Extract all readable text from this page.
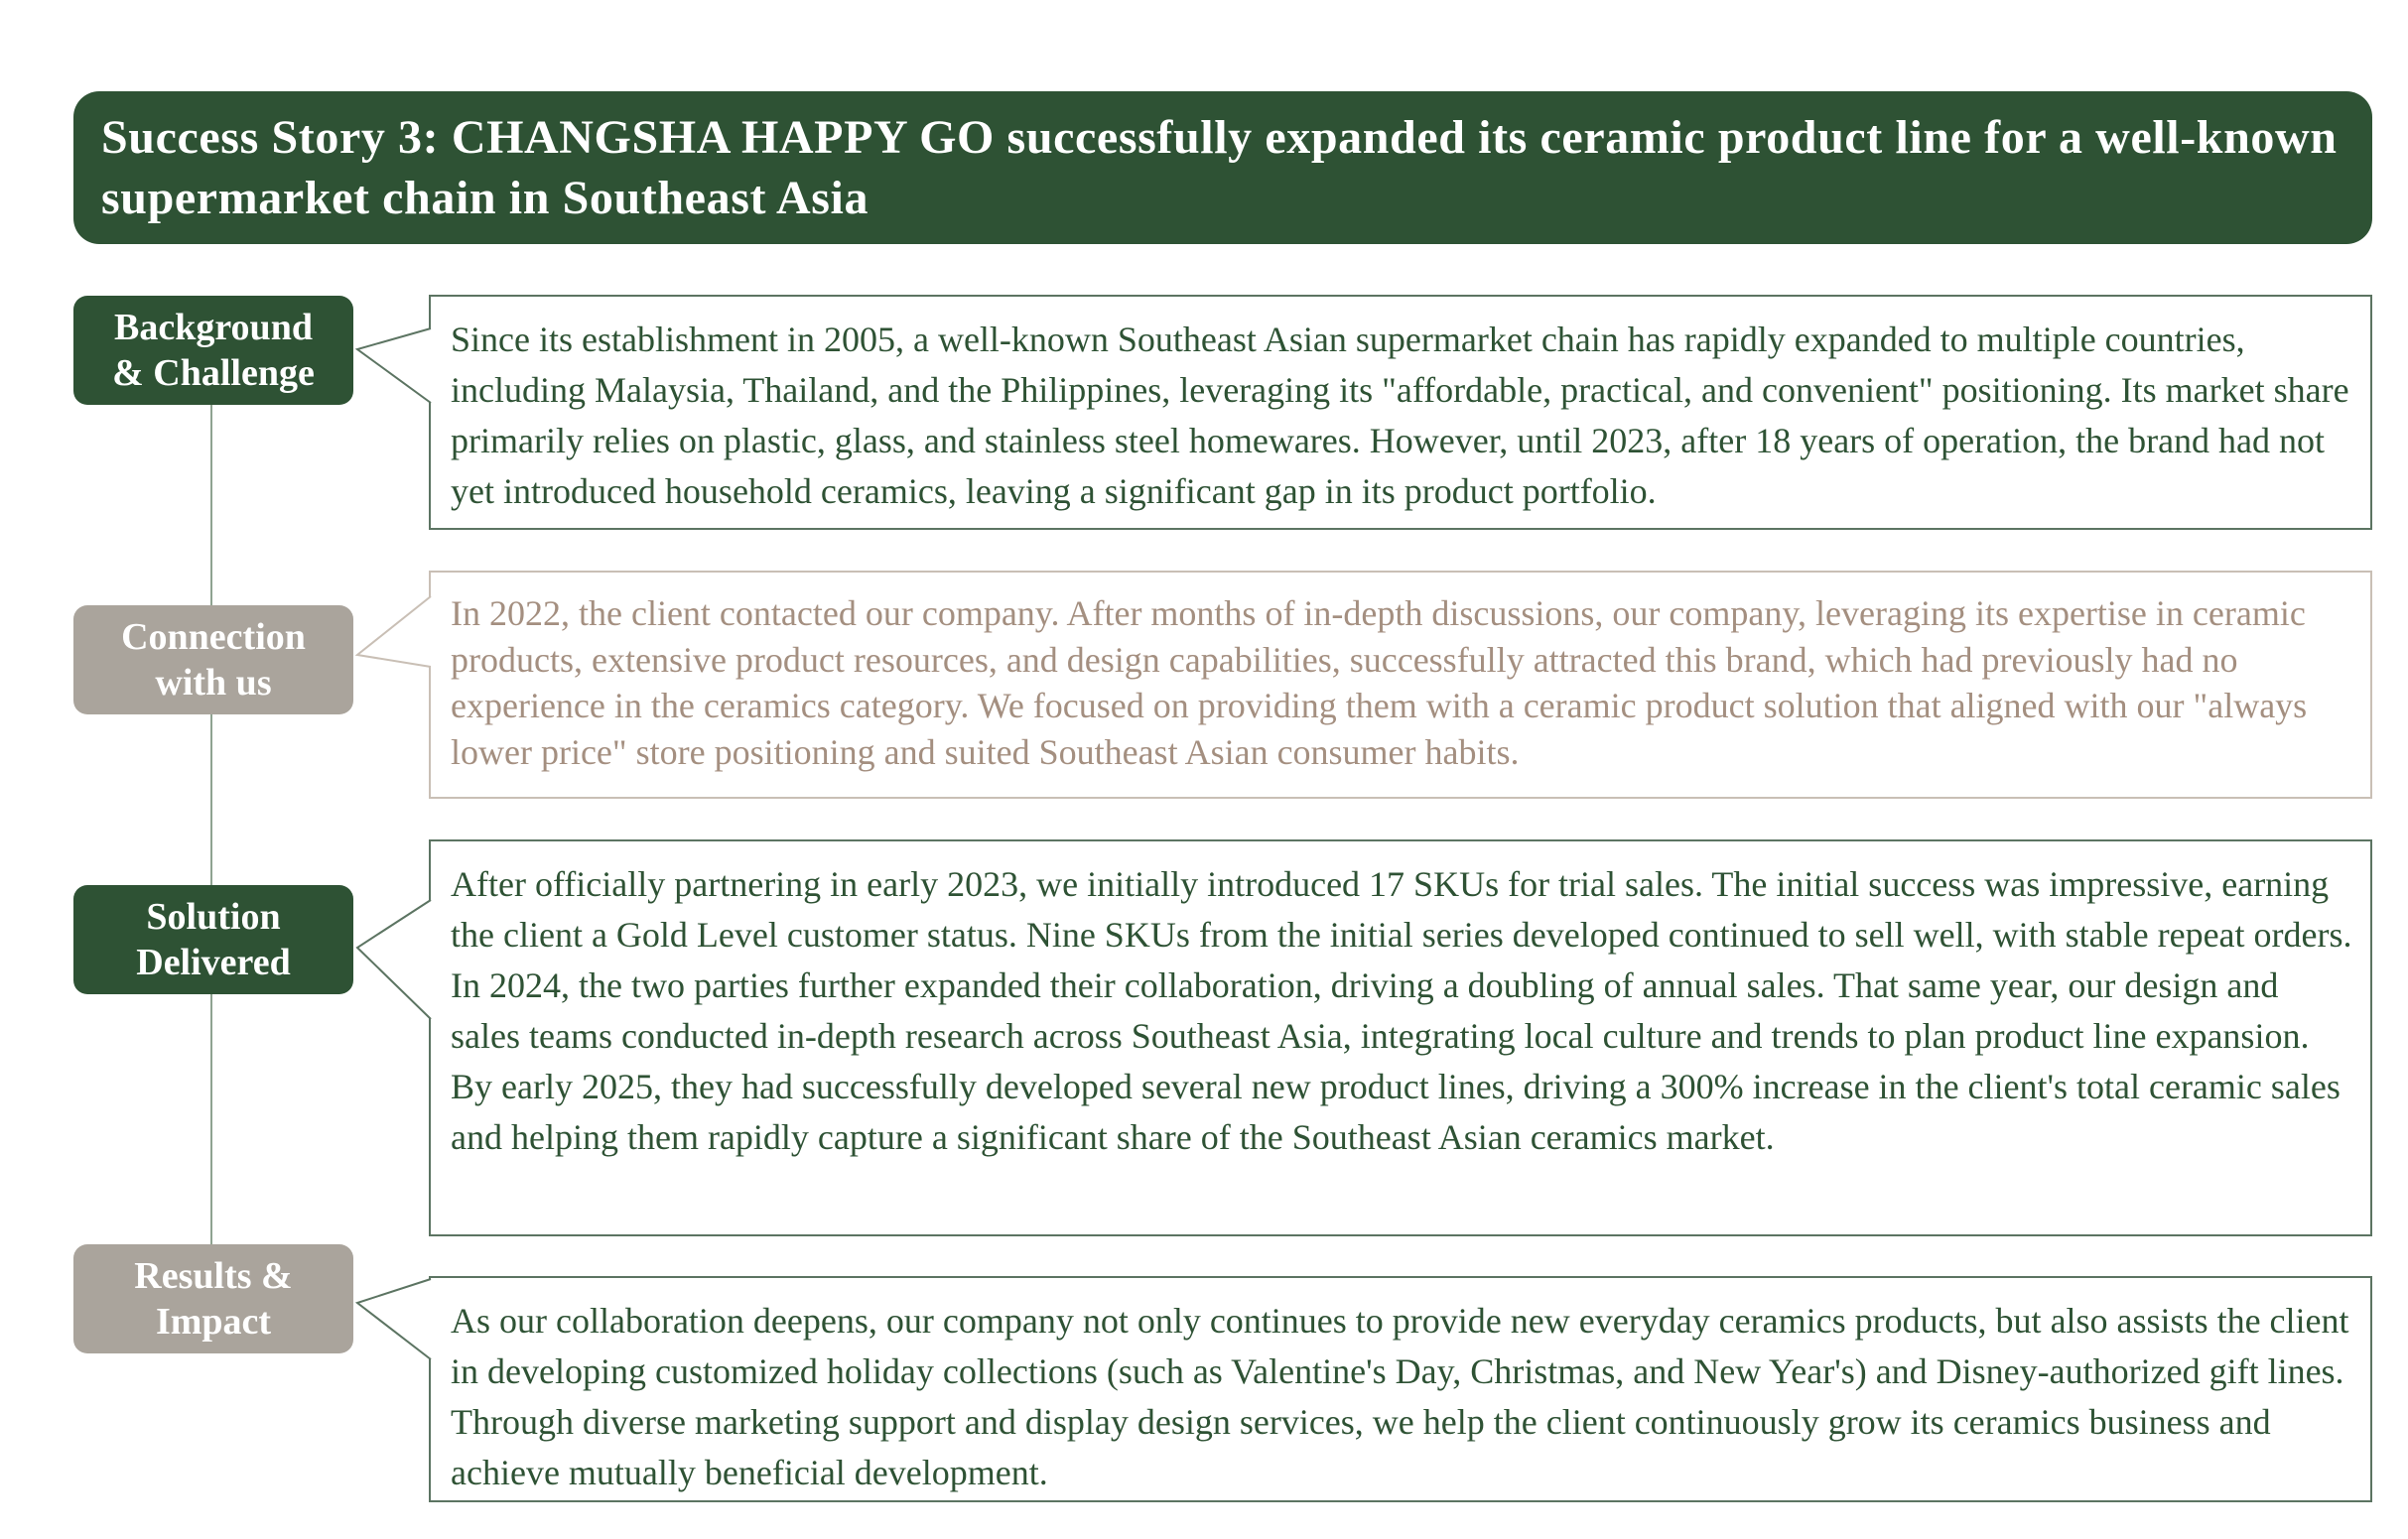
Success Story 3: CHANGSHA HAPPY GO successfully expanded its ceramic product line for a well-known supermarket chain in Southeast Asia
Background
& Challenge
Since its establishment in 2005, a well-known Southeast Asian supermarket chain has rapidly expanded to multiple countries, including Malaysia, Thailand, and the Philippines, leveraging its "affordable, practical, and convenient" positioning. Its market share primarily relies on plastic, glass, and stainless steel homewares. However, until 2023, after 18 years of operation, the brand had not yet introduced household ceramics, leaving a significant gap in its product portfolio.
Connection
with us
In 2022, the client contacted our company. After months of in-depth discussions, our company, leveraging its expertise in ceramic products, extensive product resources, and design capabilities, successfully attracted this brand, which had previously had no experience in the ceramics category. We focused on providing them with a ceramic product solution that aligned with our "always lower price" store positioning and suited Southeast Asian consumer habits.
Solution
Delivered
After officially partnering in early 2023, we initially introduced 17 SKUs for trial sales. The initial success was impressive, earning the client a Gold Level customer status. Nine SKUs from the initial series developed continued to sell well, with stable repeat orders. In 2024, the two parties further expanded their collaboration, driving a doubling of annual sales. That same year, our design and sales teams conducted in-depth research across Southeast Asia, integrating local culture and trends to plan product line expansion. By early 2025, they had successfully developed several new product lines, driving a 300% increase in the client's total ceramic sales and helping them rapidly capture a significant share of the Southeast Asian ceramics market.
Results &
Impact	As our collaboration deepens, our company not only continues to provide new everyday ceramics products, but also assists the client in developing customized holiday collections (such as Valentine's Day, Christmas, and New Year's) and Disney-authorized gift lines. Through diverse marketing support and display design services, we help the client continuously grow its ceramics business and achieve mutually beneficial development.
